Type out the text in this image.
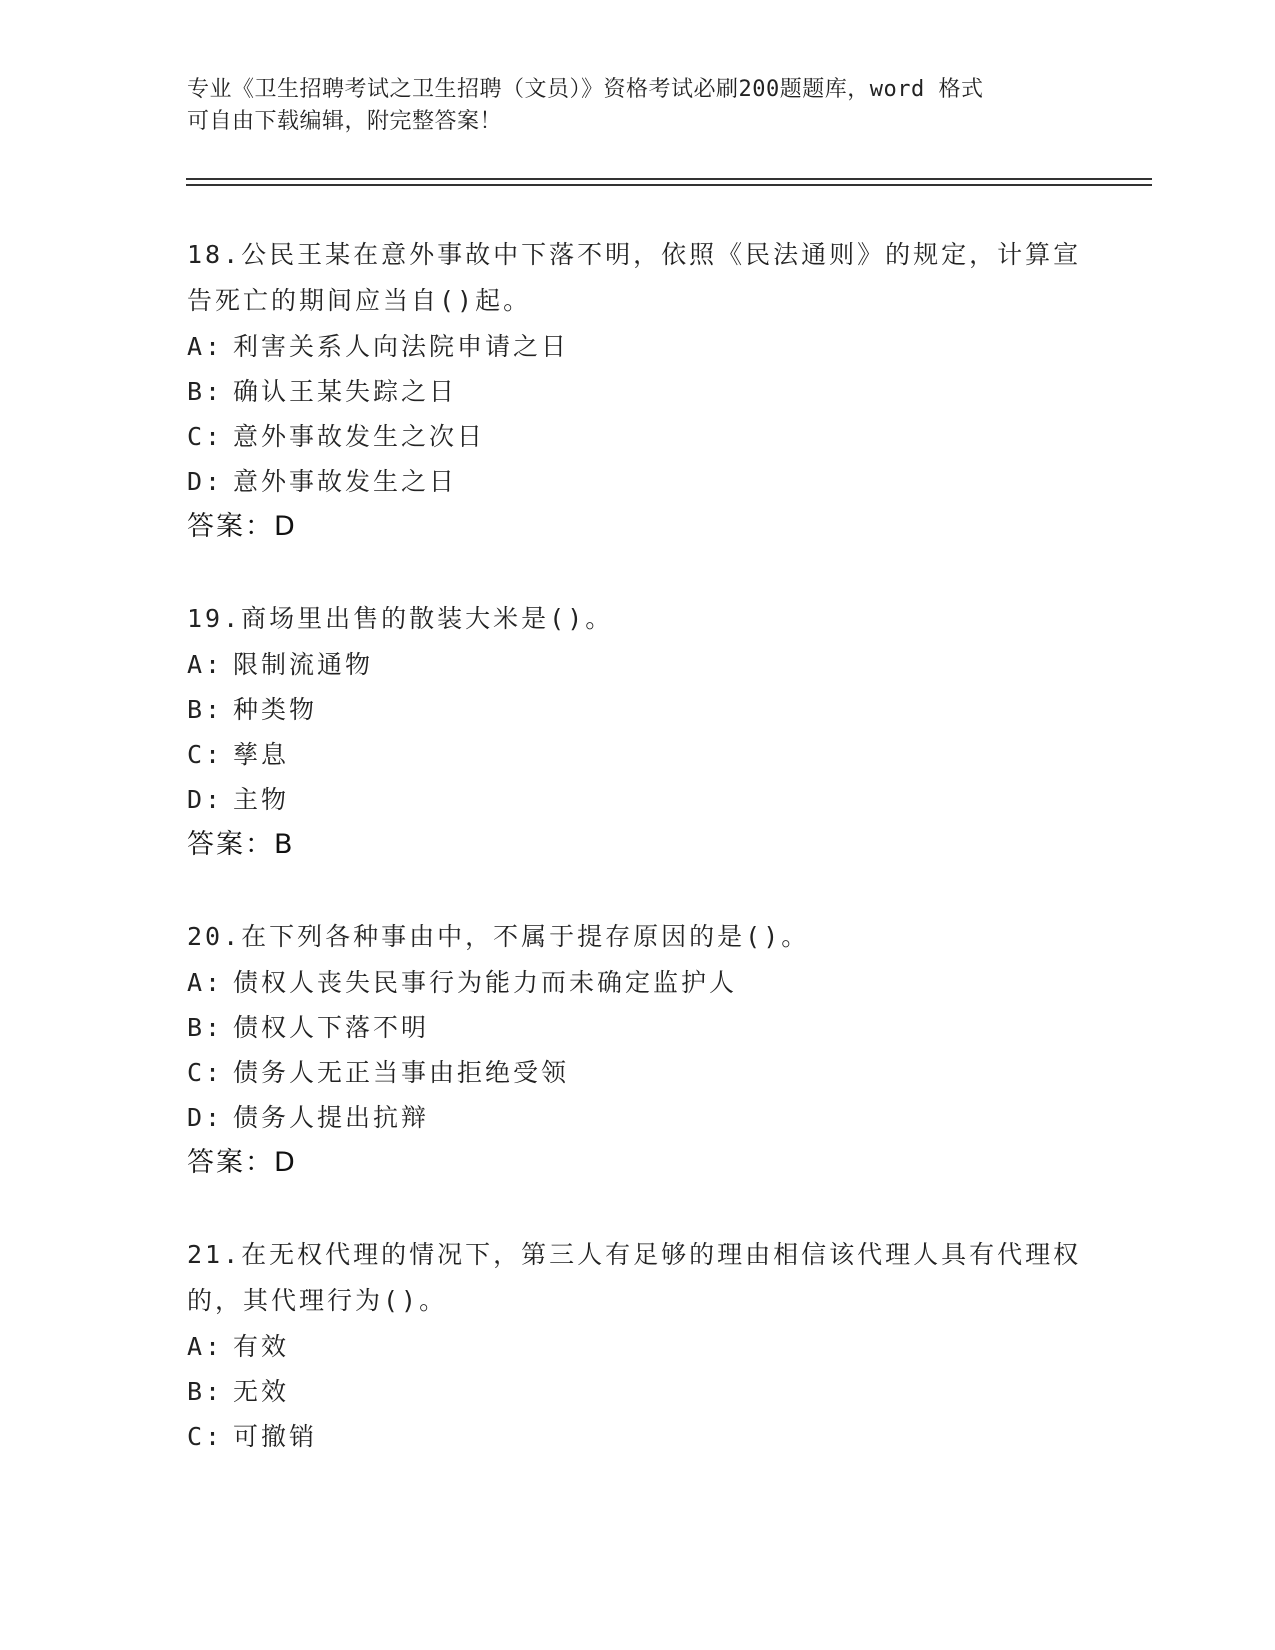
专业《卫生招聘考试之卫生招聘（文员）》资格考试必刷200题题库，word 格式
可自由下载编辑，附完整答案！

18.公民王某在意外事故中下落不明，依照《民法通则》的规定，计算宣告死亡的期间应当自()起。

A: 利害关系人向法院申请之日

B: 确认王某失踪之日

C: 意外事故发生之次日

D: 意外事故发生之日

答案：D

19.商场里出售的散装大米是()。

A: 限制流通物

B: 种类物

C: 孳息

D: 主物

答案：B

20.在下列各种事由中，不属于提存原因的是()。

A: 债权人丧失民事行为能力而未确定监护人

B: 债权人下落不明

C: 债务人无正当事由拒绝受领

D: 债务人提出抗辩

答案：D

21.在无权代理的情况下，第三人有足够的理由相信该代理人具有代理权的，其代理行为()。

A: 有效

B: 无效

C: 可撤销
